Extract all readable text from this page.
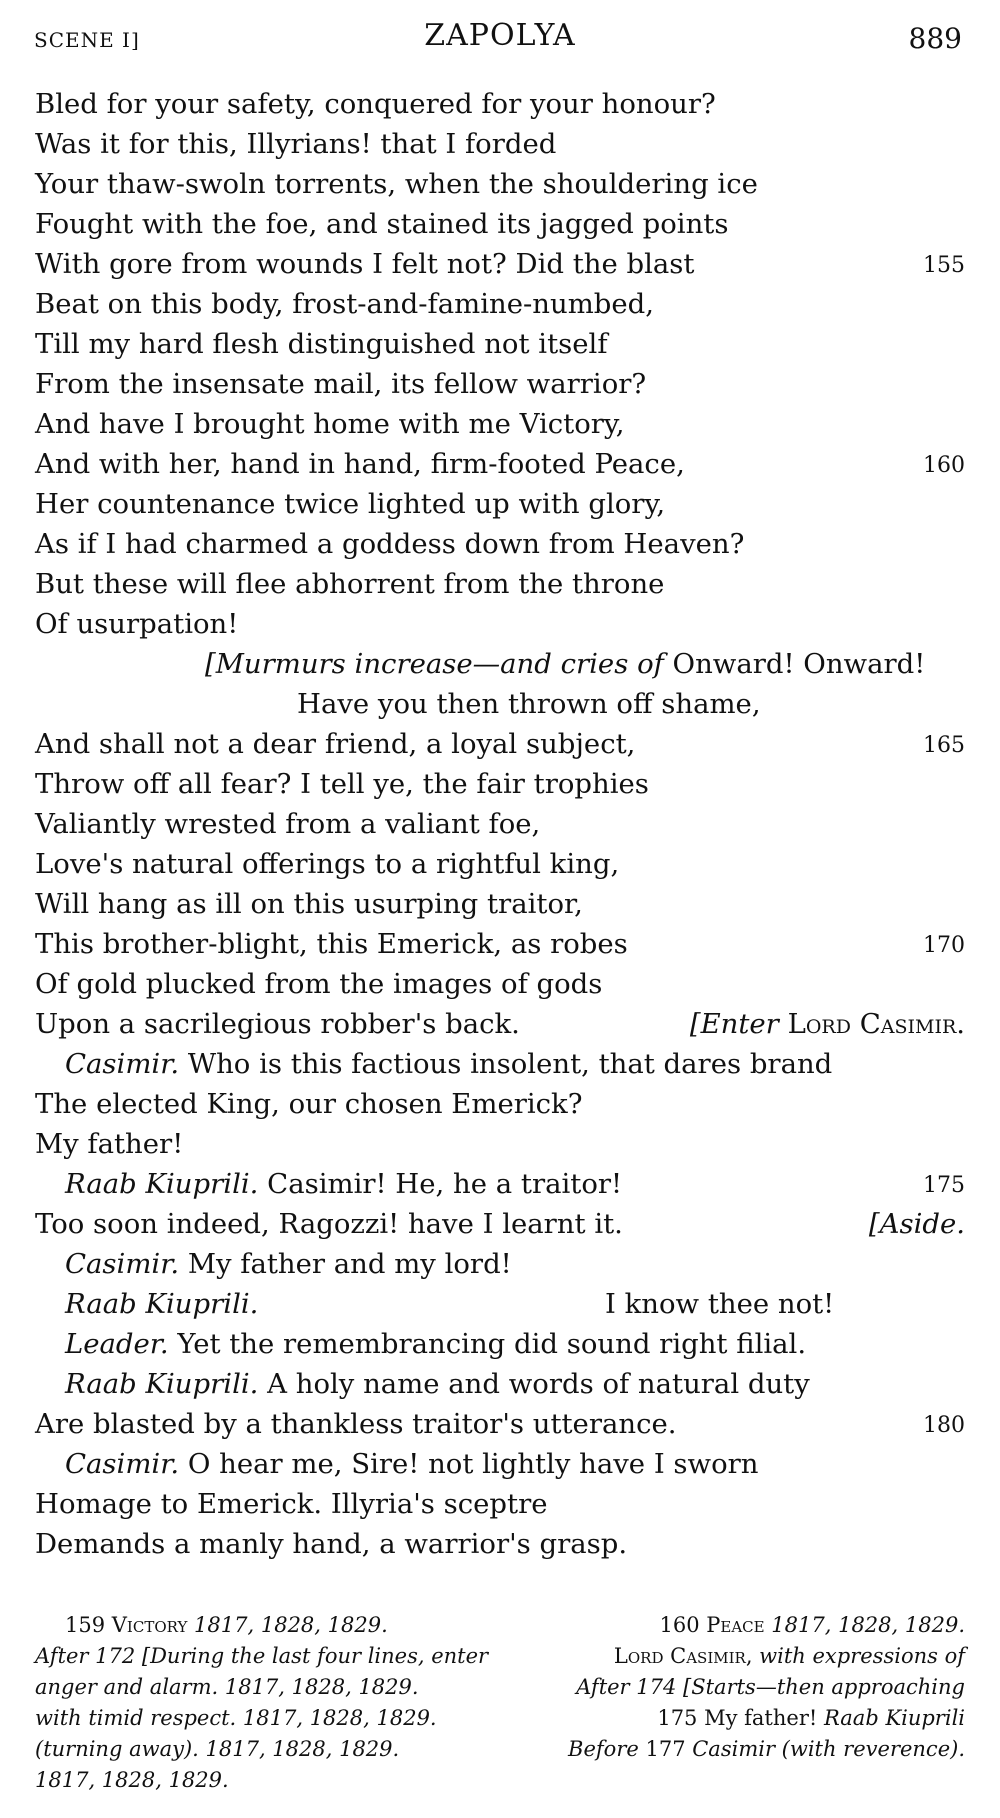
SCENE I]	ZAPOLYA	889
Bled for your safety, conquered for your honour?
Was it for this, Illyrians! that I forded
Your thaw-swoln torrents, when the shouldering ice
Fought with the foe, and stained its jagged points
With gore from wounds I felt not? Did the blast	155
Beat on this body, frost-and-famine-numbed,
Till my hard flesh distinguished not itself
From the insensate mail, its fellow warrior?
And have I brought home with me Victory,
And with her, hand in hand, firm-footed Peace,	160
Her countenance twice lighted up with glory,
As if I had charmed a goddess down from Heaven?
But these will flee abhorrent from the throne
Of usurpation!
[Murmurs increase—and cries of Onward! Onward!
Have you then thrown off shame,
And shall not a dear friend, a loyal subject,	165
Throw off all fear? I tell ye, the fair trophies
Valiantly wrested from a valiant foe,
Love's natural offerings to a rightful king,
Will hang as ill on this usurping traitor,
This brother-blight, this Emerick, as robes	170
Of gold plucked from the images of gods
Upon a sacrilegious robber's back.	[Enter Lord Casimir.
Casimir. Who is this factious insolent, that dares brand
The elected King, our chosen Emerick?
My father!
Raab Kiuprili. Casimir! He, he a traitor!	175
Too soon indeed, Ragozzi! have I learnt it.	[Aside.
Casimir. My father and my lord!
Raab Kiuprili.	I know thee not!
Leader. Yet the remembrancing did sound right filial.
Raab Kiuprili. A holy name and words of natural duty
Are blasted by a thankless traitor's utterance.	180
Casimir. O hear me, Sire! not lightly have I sworn
Homage to Emerick. Illyria's sceptre
Demands a manly hand, a warrior's grasp.
159 Victory 1817, 1828, 1829.	160 Peace 1817, 1828, 1829.
After 172 [During the last four lines, enter	Lord Casimir, with expressions of
anger and alarm. 1817, 1828, 1829.	After 174 [Starts—then approaching
with timid respect. 1817, 1828, 1829.	175 My father! Raab Kiuprili
(turning away). 1817, 1828, 1829.	Before 177 Casimir (with reverence).
1817, 1828, 1829.
